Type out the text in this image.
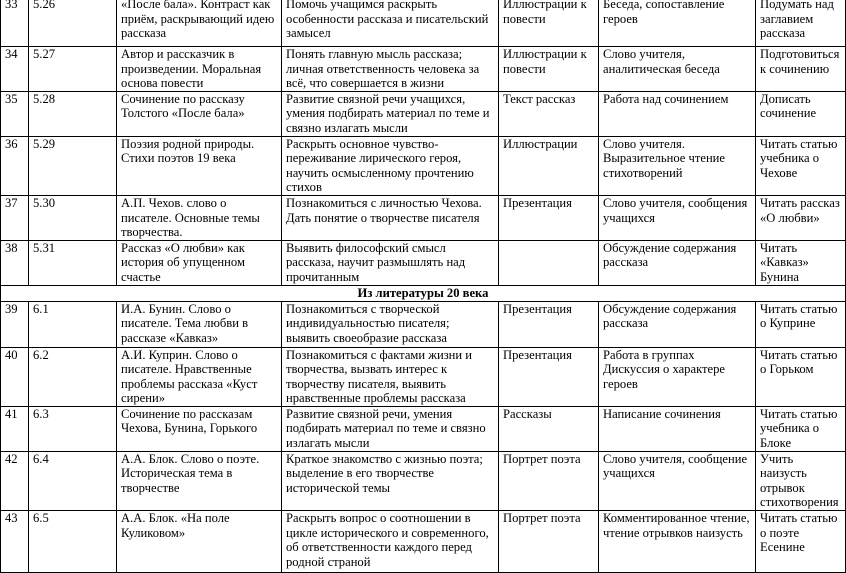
33	5.26	«После бала». Контраст как приём, раскрывающий идею рассказа	Помочь учащимся раскрыть особенности рассказа и писательский замысел	Иллюстрации к повести	Беседа, сопоставление героев	Подумать над заглавием рассказа
34	5.27	Автор и рассказчик в произведении. Моральная основа повести	Понять главную мысль рассказа; личная ответственность человека за всё, что совершается в жизни	Иллюстрации к повести	Слово учителя, аналитическая беседа	Подготовиться к сочинению
35	5.28	Сочинение по рассказу Толстого «После бала»	Развитие связной речи учащихся, умения подбирать материал по теме и связно излагать мысли	Текст рассказ	Работа над сочинением	Дописать сочинение
36	5.29	Поэзия родной природы. Стихи поэтов 19 века	Раскрыть основное чувство-переживание лирического героя, научить осмысленному прочтению стихов	Иллюстрации	Слово учителя. Выразительное чтение стихотворений	Читать статью учебника о Чехове
37	5.30	А.П. Чехов. слово о писателе. Основные темы творчества.	Познакомиться с личностью Чехова. Дать понятие о творчестве писателя	Презентация	Слово учителя, сообщения учащихся	Читать рассказ «О любви»
38	5.31	Рассказ «О любви» как история об упущенном счастье	Выявить философский смысл рассказа, научит размышлять над прочитанным		Обсуждение содержания рассказа	Читать «Кавказ» Бунина
Из литературы 20 века						
39	6.1	И.А. Бунин. Слово о писателе. Тема любви в рассказе «Кавказ»	Познакомиться с творческой индивидуальностью писателя; выявить своеобразие рассказа	Презентация	Обсуждение содержания рассказа	Читать статью о Куприне
40	6.2	А.И. Куприн. Слово о писателе. Нравственные проблемы рассказа «Куст сирени»	Познакомиться с фактами жизни и творчества, вызвать интерес к творчеству писателя, выявить нравственные проблемы рассказа	Презентация	Работа в группах Дискуссия о характере героев	Читать статью о Горьком
41	6.3	Сочинение по рассказам Чехова, Бунина, Горького	Развитие связной речи, умения подбирать материал по теме и связно излагать мысли	Рассказы	Написание сочинения	Читать статью учебника о Блоке
42	6.4	А.А. Блок. Слово о поэте. Историческая тема в творчестве	Краткое знакомство с жизнью поэта; выделение в его творчестве исторической темы	Портрет поэта	Слово учителя, сообщение учащихся	Учить наизусть отрывок стихотворения
43	6.5	А.А. Блок. «На поле Куликовом»	Раскрыть вопрос о соотношении в цикле исторического и современного, об ответственности каждого перед родной страной	Портрет поэта	Комментированное чтение, чтение отрывков наизусть	Читать статью о поэте Есенине
